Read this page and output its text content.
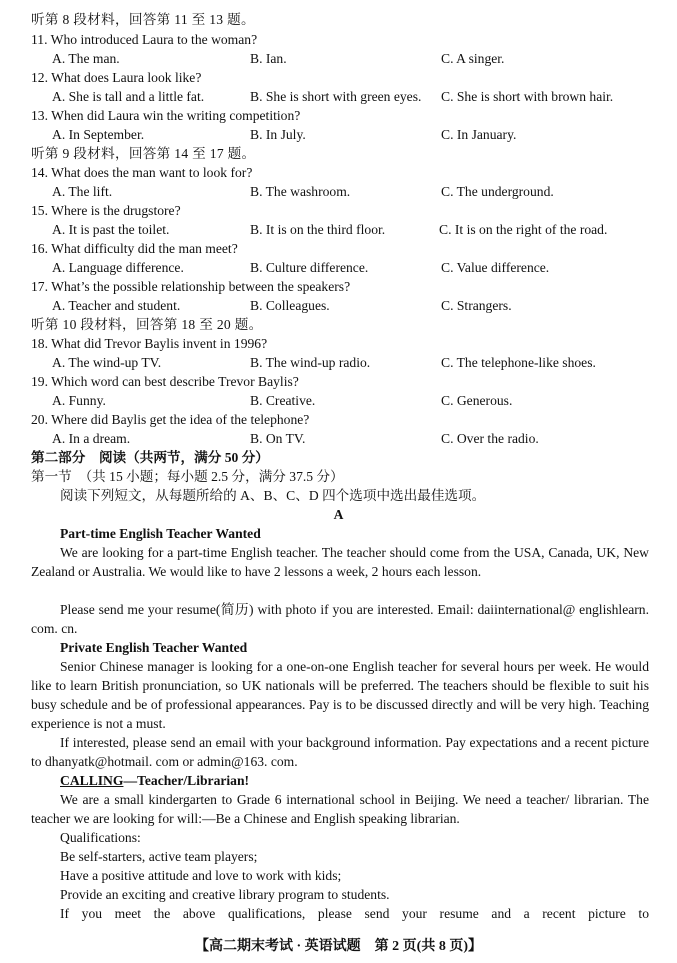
听第 8 段材料，回答第 11 至 13 题。
11. Who introduced Laura to the woman?
A. The man.	B. Ian.	C. A singer.
12. What does Laura look like?
A. She is tall and a little fat.	B. She is short with green eyes. C. She is short with brown hair.
13. When did Laura win the writing competition?
A. In September.	B. In July.	C. In January.
听第 9 段材料，回答第 14 至 17 题。
14. What does the man want to look for?
A. The lift.	B. The washroom.	C. The underground.
15. Where is the drugstore?
A. It is past the toilet.	B. It is on the third floor.	C. It is on the right of the road.
16. What difficulty did the man meet?
A. Language difference.	B. Culture difference.	C. Value difference.
17. What’s the possible relationship between the speakers?
A. Teacher and student.	B. Colleagues.	C. Strangers.
听第 10 段材料，回答第 18 至 20 题。
18. What did Trevor Baylis invent in 1996?
A. The wind-up TV.	B. The wind-up radio.	C. The telephone-like shoes.
19. Which word can best describe Trevor Baylis?
A. Funny.	B. Creative.	C. Generous.
20. Where did Baylis get the idea of the telephone?
A. In a dream.	B. On TV.	C. Over the radio.
第二部分　阅读（共两节，满分 50 分）
第一节　（共 15 小题；每小题 2.5 分，满分 37.5 分）
阅读下列短文，从每题所给的 A、B、C、D 四个选项中选出最佳选项。
A
Part-time English Teacher Wanted
We are looking for a part-time English teacher. The teacher should come from the USA, Canada, UK, New Zealand or Australia. We would like to have 2 lessons a week, 2 hours each lesson.
Please send me your resume(简历) with photo if you are interested. Email: daiinternational@ englishlearn. com. cn.
Private English Teacher Wanted
Senior Chinese manager is looking for a one-on-one English teacher for several hours per week. He would like to learn British pronunciation, so UK nationals will be preferred. The teachers should be flexible to suit his busy schedule and be of professional appearances. Pay is to be discussed directly and will be very high. Teaching experience is not a must.
If interested, please send an email with your background information. Pay expectations and a recent picture to dhanyatk@hotmail. com or admin@163. com.
CALLING—Teacher/Librarian!
We are a small kindergarten to Grade 6 international school in Beijing. We need a teacher/ librarian. The teacher we are looking for will:—Be a Chinese and English speaking librarian.
Qualifications:
Be self-starters, active team players;
Have a positive attitude and love to work with kids;
Provide an exciting and creative library program to students.
If you meet the above qualifications, please send your resume and a recent picture to
【高二期末考试 · 英语试题　第 2 页(共 8 页)】
